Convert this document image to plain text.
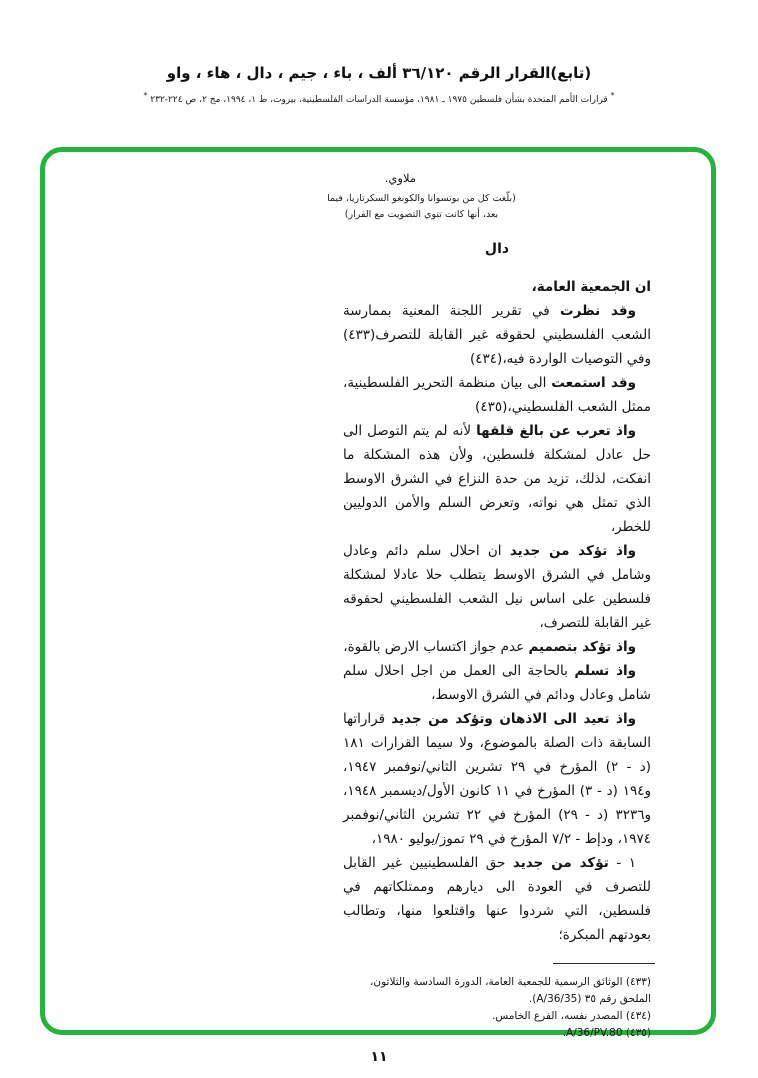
(تابع)القرار الرقم ٣٦/١٢٠ ألف ، باء ، جيم ، دال ، هاء ، واو
*قرارات الأمم المتحدة بشأن فلسطين ١٩٧٥ ـ ١٩٨١، مؤسسة الدراسات الفلسطينية، بيروت، ط ١، ١٩٩٤، مج ٢، ص ٢٢٤-٢٣٢*
ملاوي.
(بلّغت كل من بوتسوانا والكونغو السكرتاريا، فيما بعد، أنها كانت تنوي التصويت مع القرار)
دال
ان الجمعية العامة،

وقد نظرت في تقرير اللجنة المعنية بممارسة الشعب الفلسطيني لحقوقه غير القابلة للتصرف(٤٣٣) وفي التوصيات الواردة فيه،(٤٣٤)

وقد استمعت الى بيان منظمة التحرير الفلسطينية، ممثل الشعب الفلسطيني،(٤٣٥)

واذ تعرب عن بالغ قلقها لأنه لم يتم التوصل الى حل عادل لمشكلة فلسطين، ولأن هذه المشكلة ما انفكت، لذلك، تزيد من حدة النزاع في الشرق الاوسط الذي تمثل هي نواته، وتعرض السلم والأمن الدوليين للخطر،

واذ تؤكد من جديد ان احلال سلم دائم وعادل وشامل في الشرق الاوسط يتطلب حلا عادلا لمشكلة فلسطين على اساس نيل الشعب الفلسطيني لحقوقه غير القابلة للتصرف،

واذ تؤكد بتصميم عدم جواز اكتساب الارض بالقوة،

واذ تسلم بالحاجة الى العمل من اجل احلال سلم شامل وعادل ودائم في الشرق الاوسط،

واذ تعيد الى الاذهان وتؤكد من جديد قراراتها السابقة ذات الصلة بالموضوع، ولا سيما القرارات ١٨١ (د - ٢) المؤرخ في ٢٩ تشرين الثاني/نوفمبر ١٩٤٧، و١٩٤ (د - ٣) المؤرخ في ١١ كانون الأول/ديسمبر ١٩٤٨، و٣٢٣٦ (د - ٢٩) المؤرخ في ٢٢ تشرين الثاني/نوفمبر ١٩٧٤، ودإط - ٧/٢ المؤرخ في ٢٩ تموز/يوليو ١٩٨٠،

١ - تؤكد من جديد حق الفلسطينيين غير القابل للتصرف في العودة الى ديارهم وممتلكاتهم في فلسطين، التي شردوا عنها واقتلعوا منها، وتطالب بعودتهم المبكرة؛

(٤٣٣) الوثائق الرسمية للجمعية العامة، الدورة السادسة والثلاثون، الملحق رقم ٣٥ (A/36/35).

(٤٣٤) المصدر نفسه، الفرع الخامس.

(٤٣٥) A/36/PV.80.

١١
